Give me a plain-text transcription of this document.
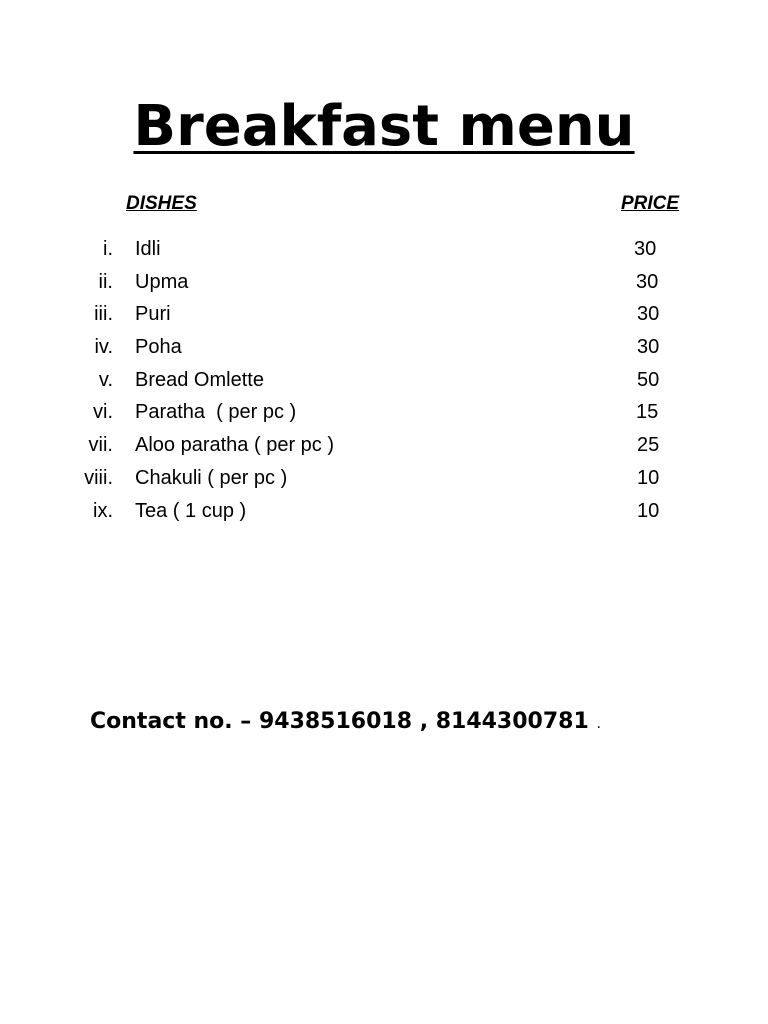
Breakfast menu
DISHES	PRICE
i. Idli	30
ii. Upma	30
iii. Puri	30
iv. Poha	30
v. Bread Omlette	50
vi. Paratha  ( per pc )	15
vii. Aloo paratha ( per pc )	25
viii. Chakuli ( per pc )	10
ix. Tea ( 1 cup )	10
Contact no. – 9438516018 , 8144300781 .
